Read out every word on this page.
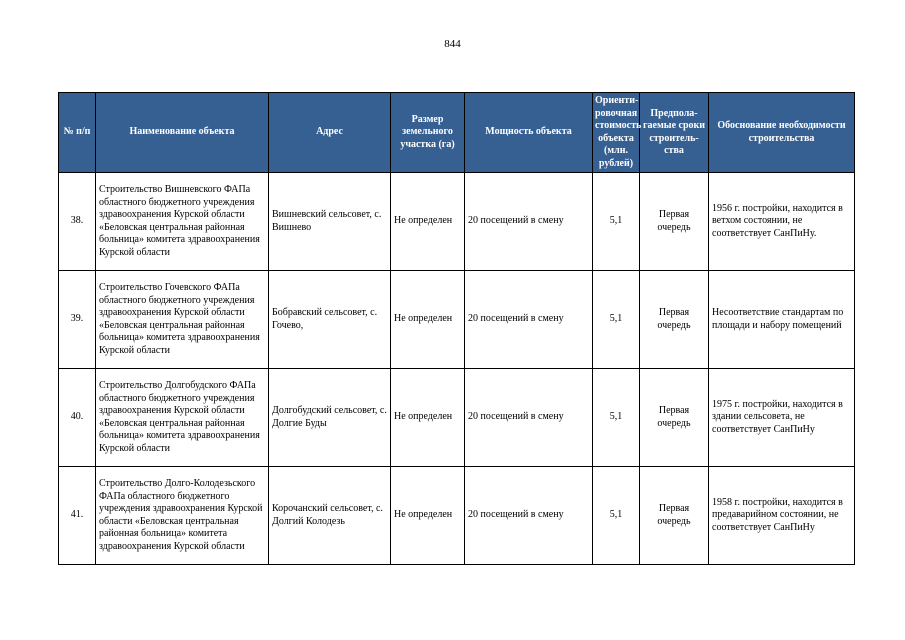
844
№ п/п	Наименование объекта	Адрес	Размер земельного участка (га)	Мощность объекта	Ориенти-ровочная стоимость объекта (млн. рублей)	Предпола-гаемые сроки строитель-ства	Обоснование необходимости строительства
38.	Строительство Вишневского ФАПа областного бюджетного учреждения здравоохранения Курской области «Беловская центральная районная больница» комитета здравоохранения Курской области	Вишневский сельсовет, с. Вишнево	Не определен	20 посещений в смену	5,1	Первая очередь	1956 г. постройки, находится в ветхом состоянии, не соответствует СанПиНу.
39.	Строительство Гочевского ФАПа областного бюджетного учреждения здравоохранения Курской области «Беловская центральная районная больница» комитета здравоохранения Курской области	Бобравский сельсовет, с. Гочево,	Не определен	20 посещений в смену	5,1	Первая очередь	Несоответствие стандартам по площади и набору помещений
40.	Строительство Долгобудского ФАПа областного бюджетного учреждения здравоохранения Курской области «Беловская центральная районная больница» комитета здравоохранения Курской области	Долгобудский сельсовет, с. Долгие Буды	Не определен	20 посещений в смену	5,1	Первая очередь	1975 г. постройки, находится в здании сельсовета, не соответствует СанПиНу
41.	Строительство Долго-Колодезьского ФАПа областного бюджетного учреждения здравоохранения Курской области «Беловская центральная районная больница» комитета здравоохранения Курской области	Корочанский сельсовет, с. Долгий Колодезь	Не определен	20 посещений в смену	5,1	Первая очередь	1958 г. постройки, находится в предаварийном состоянии, не соответствует СанПиНу
